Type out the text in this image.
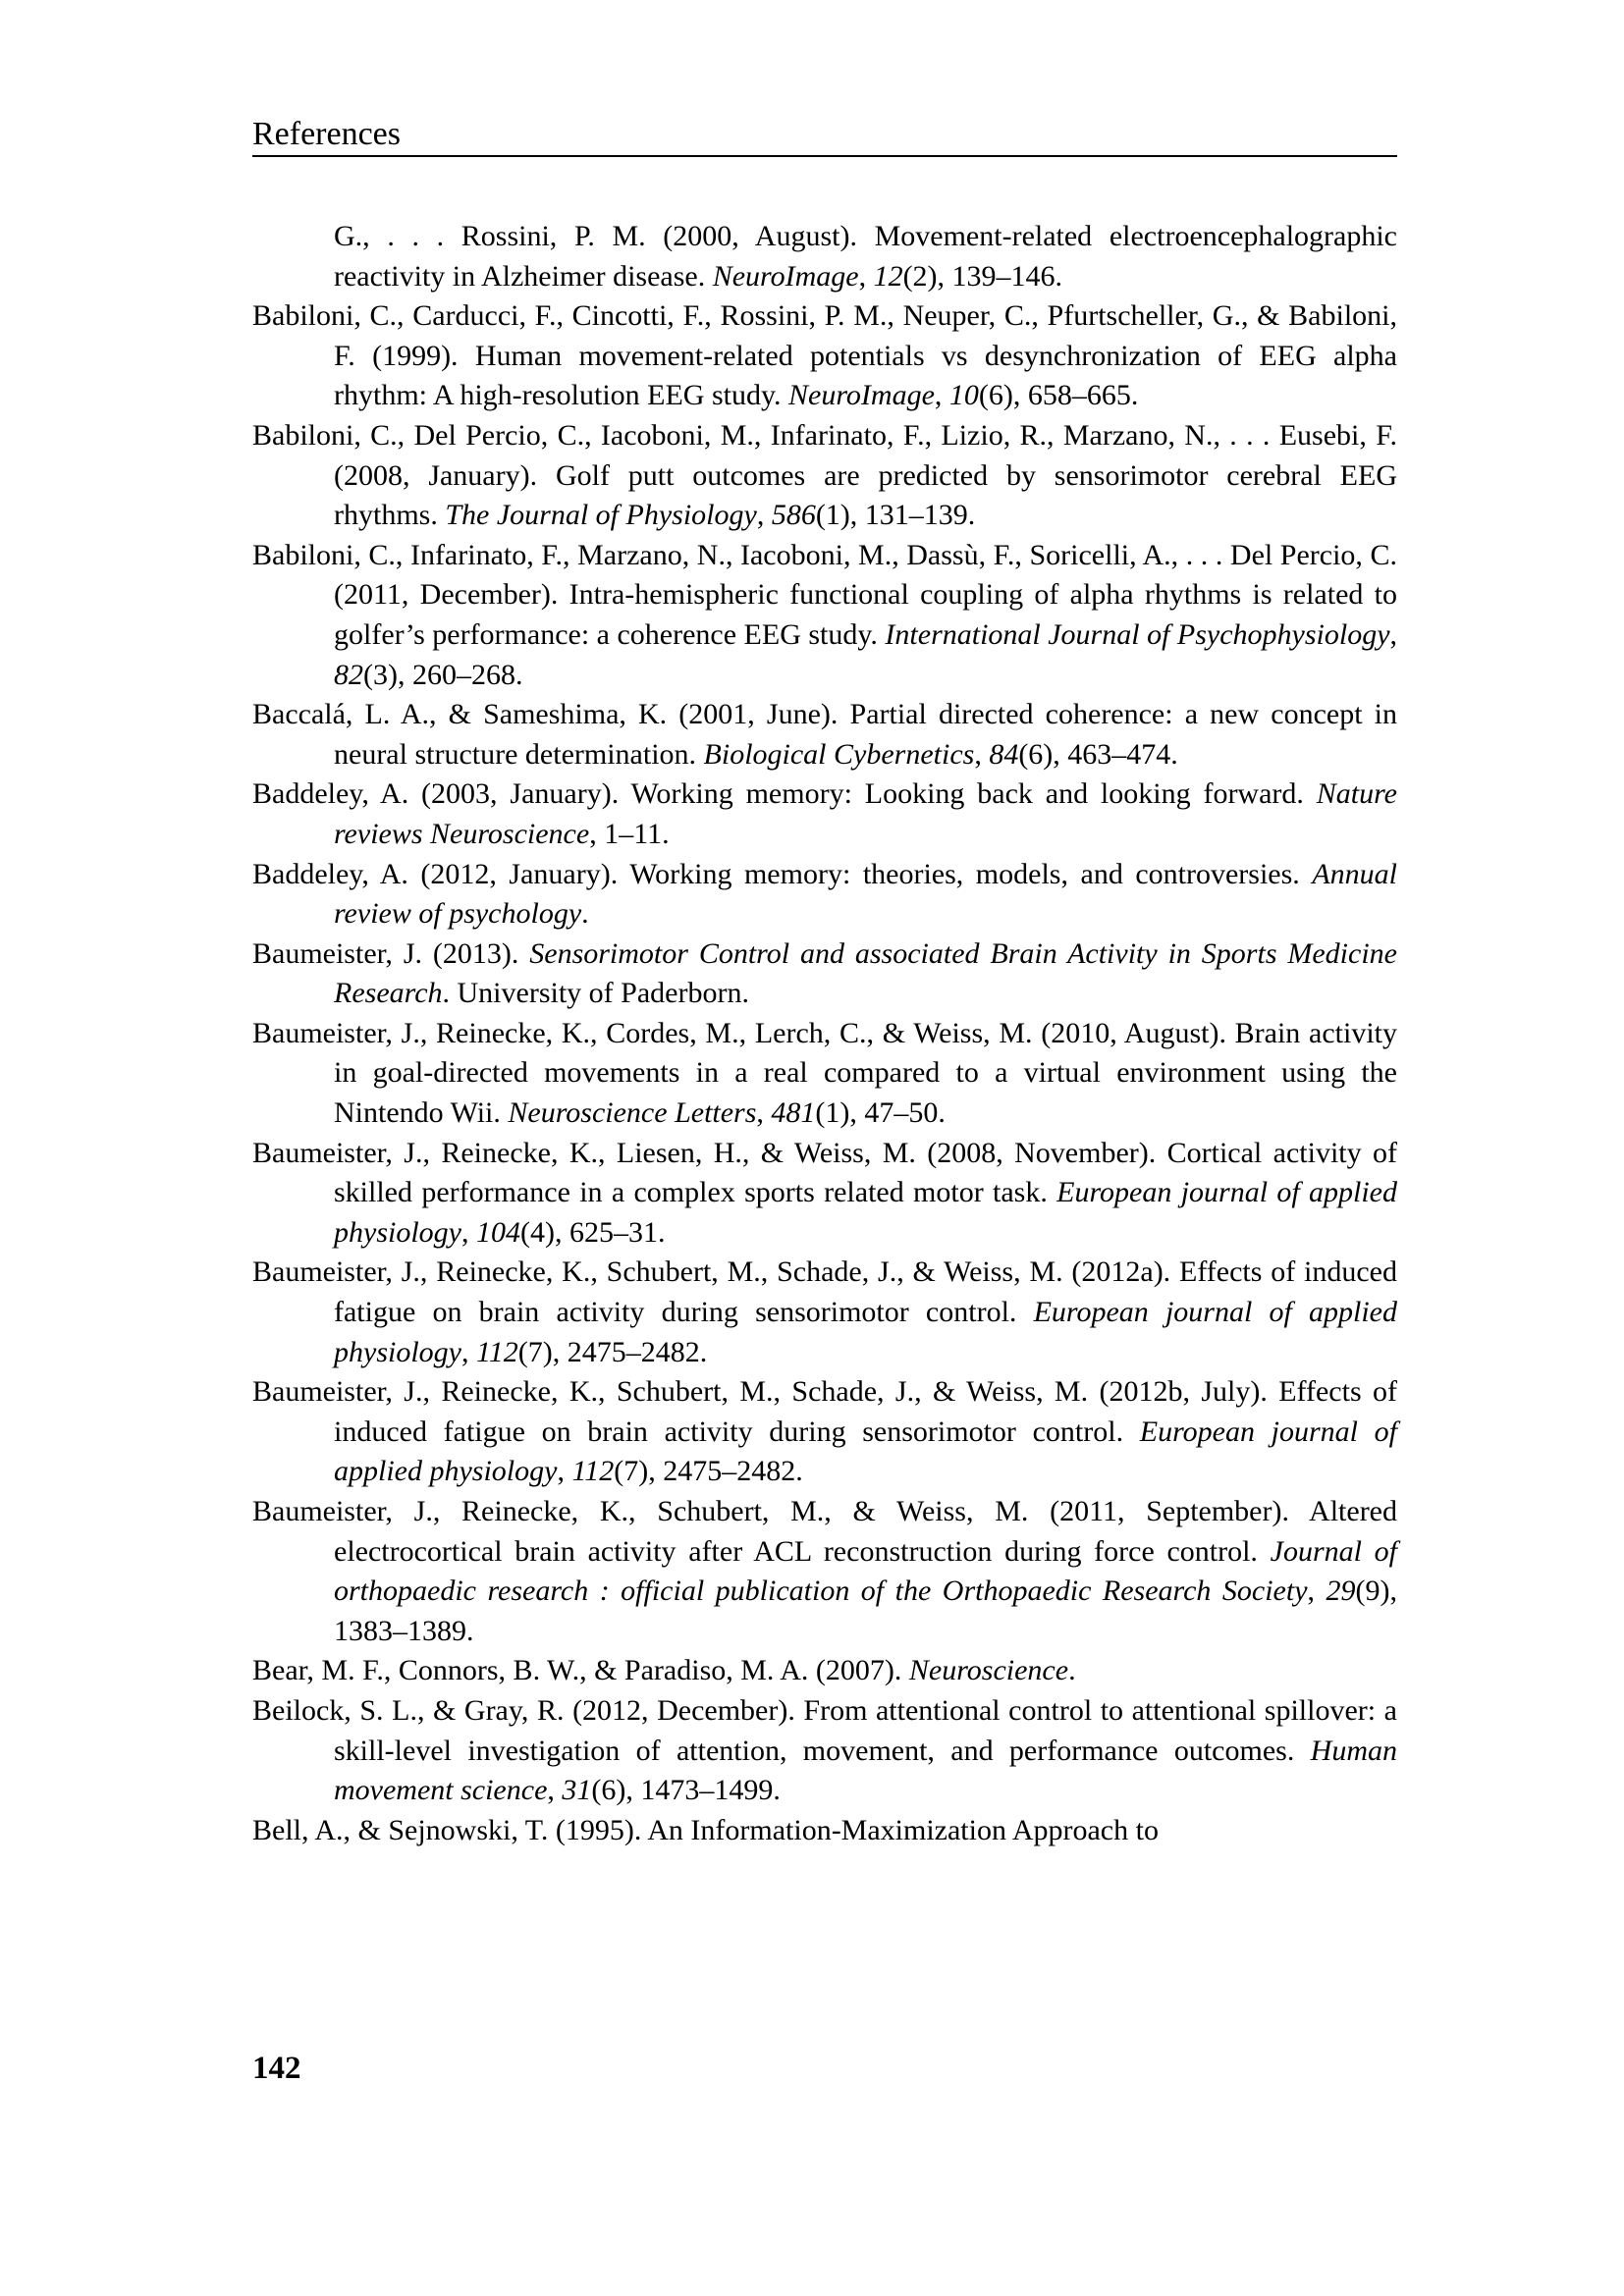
References

G., . . . Rossini, P. M. (2000, August). Movement-related electroencephalographic reactivity in Alzheimer disease. NeuroImage, 12(2), 139–146.

Babiloni, C., Carducci, F., Cincotti, F., Rossini, P. M., Neuper, C., Pfurtscheller, G., & Babiloni, F. (1999). Human movement-related potentials vs desynchronization of EEG alpha rhythm: A high-resolution EEG study. NeuroImage, 10(6), 658–665.

Babiloni, C., Del Percio, C., Iacoboni, M., Infarinato, F., Lizio, R., Marzano, N., . . . Eusebi, F. (2008, January). Golf putt outcomes are predicted by sensorimotor cerebral EEG rhythms. The Journal of Physiology, 586(1), 131–139.

Babiloni, C., Infarinato, F., Marzano, N., Iacoboni, M., Dassù, F., Soricelli, A., . . . Del Percio, C. (2011, December). Intra-hemispheric functional coupling of alpha rhythms is related to golfer’s performance: a coherence EEG study. International Journal of Psychophysiology, 82(3), 260–268.

Baccalá, L. A., & Sameshima, K. (2001, June). Partial directed coherence: a new concept in neural structure determination. Biological Cybernetics, 84(6), 463–474.

Baddeley, A. (2003, January). Working memory: Looking back and looking forward. Nature reviews Neuroscience, 1–11.

Baddeley, A. (2012, January). Working memory: theories, models, and controversies. Annual review of psychology.

Baumeister, J. (2013). Sensorimotor Control and associated Brain Activity in Sports Medicine Research. University of Paderborn.

Baumeister, J., Reinecke, K., Cordes, M., Lerch, C., & Weiss, M. (2010, August). Brain activity in goal-directed movements in a real compared to a virtual environment using the Nintendo Wii. Neuroscience Letters, 481(1), 47–50.

Baumeister, J., Reinecke, K., Liesen, H., & Weiss, M. (2008, November). Cortical activity of skilled performance in a complex sports related motor task. European journal of applied physiology, 104(4), 625–31.

Baumeister, J., Reinecke, K., Schubert, M., Schade, J., & Weiss, M. (2012a). Effects of induced fatigue on brain activity during sensorimotor control. European journal of applied physiology, 112(7), 2475–2482.

Baumeister, J., Reinecke, K., Schubert, M., Schade, J., & Weiss, M. (2012b, July). Effects of induced fatigue on brain activity during sensorimotor control. European journal of applied physiology, 112(7), 2475–2482.

Baumeister, J., Reinecke, K., Schubert, M., & Weiss, M. (2011, September). Altered electrocortical brain activity after ACL reconstruction during force control. Journal of orthopaedic research : official publication of the Orthopaedic Research Society, 29(9), 1383–1389.

Bear, M. F., Connors, B. W., & Paradiso, M. A. (2007). Neuroscience.

Beilock, S. L., & Gray, R. (2012, December). From attentional control to attentional spillover: a skill-level investigation of attention, movement, and performance outcomes. Human movement science, 31(6), 1473–1499.

Bell, A., & Sejnowski, T. (1995). An Information-Maximization Approach to

142
